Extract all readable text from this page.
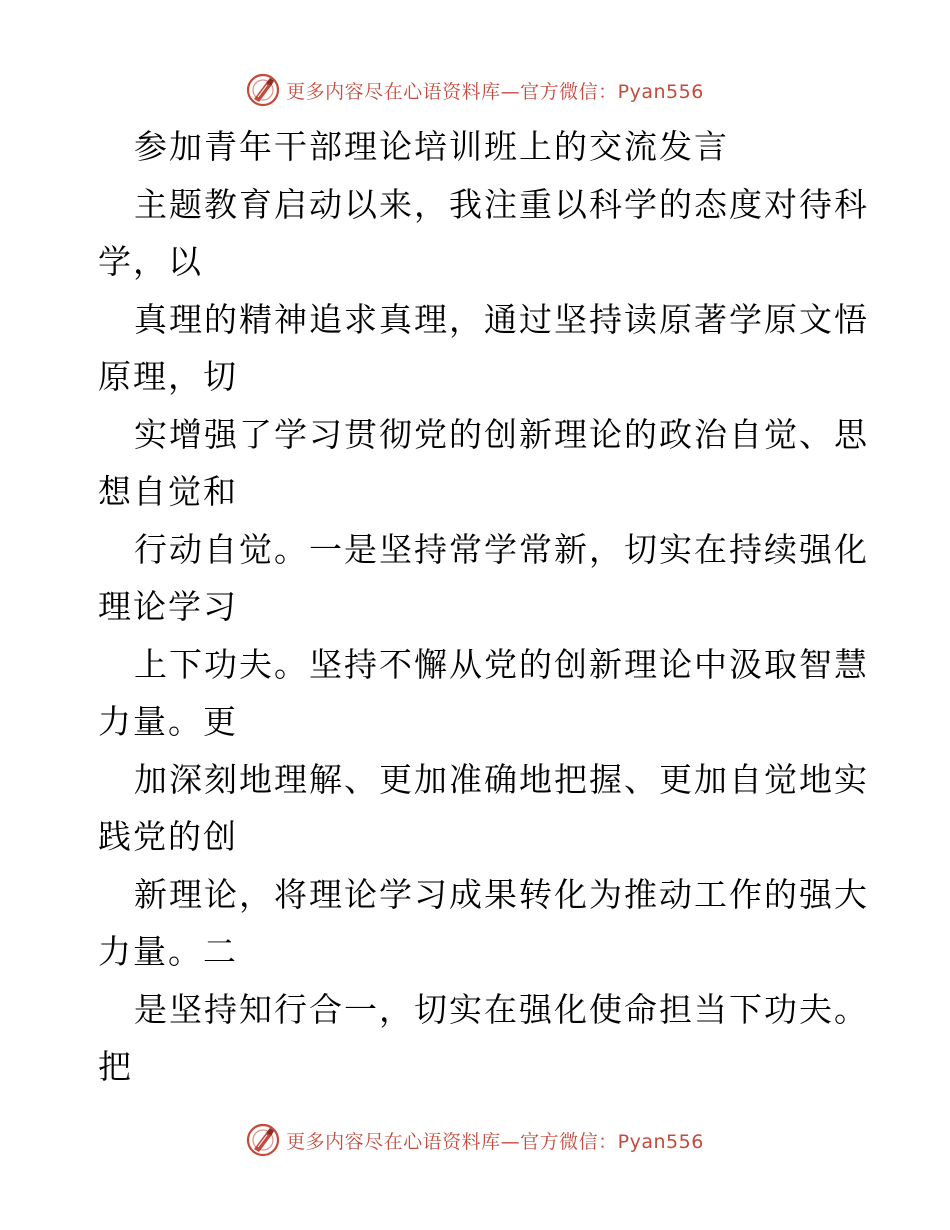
更多内容尽在心语资料库—官方微信：Pyan556
参加青年干部理论培训班上的交流发言
主题教育启动以来，我注重以科学的态度对待科
学，以
真理的精神追求真理，通过坚持读原著学原文悟
原理，切
实增强了学习贯彻党的创新理论的政治自觉、思
想自觉和
行动自觉。一是坚持常学常新，切实在持续强化
理论学习
上下功夫。坚持不懈从党的创新理论中汲取智慧
力量。更
加深刻地理解、更加准确地把握、更加自觉地实
践党的创
新理论，将理论学习成果转化为推动工作的强大
力量。二
是坚持知行合一，切实在强化使命担当下功夫。
把
更多内容尽在心语资料库—官方微信：Pyan556
